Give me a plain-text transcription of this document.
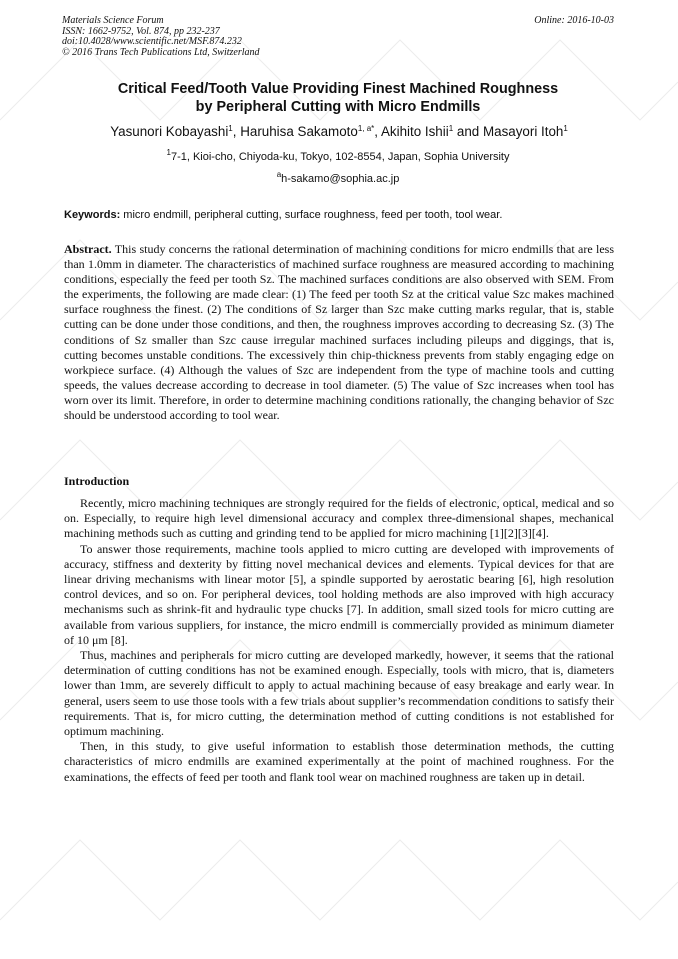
Materials Science Forum
ISSN: 1662-9752, Vol. 874, pp 232-237
doi:10.4028/www.scientific.net/MSF.874.232
© 2016 Trans Tech Publications Ltd, Switzerland
Online: 2016-10-03
Critical Feed/Tooth Value Providing Finest Machined Roughness
by Peripheral Cutting with Micro Endmills
Yasunori Kobayashi$^1$, Haruhisa Sakamoto$^{1, a*}$, Akihito Ishii$^1$ and Masayori Itoh$^1$
$^1$7-1, Kioi-cho, Chiyoda-ku, Tokyo, 102-8554, Japan, Sophia University
$^a$h-sakamo@sophia.ac.jp
Keywords: micro endmill, peripheral cutting, surface roughness, feed per tooth, tool wear.
Abstract. This study concerns the rational determination of machining conditions for micro endmills that are less than 1.0mm in diameter. The characteristics of machined surface roughness are measured according to machining conditions, especially the feed per tooth Sz. The machined surfaces conditions are also observed with SEM. From the experiments, the following are made clear: (1) The feed per tooth Sz at the critical value Szc makes machined surface roughness the finest. (2) The conditions of Sz larger than Szc make cutting marks regular, that is, stable cutting can be done under those conditions, and then, the roughness improves according to decreasing Sz. (3) The conditions of Sz smaller than Szc cause irregular machined surfaces including pileups and diggings, that is, cutting becomes unstable conditions. The excessively thin chip-thickness prevents from stably engaging edge on workpiece surface. (4) Although the values of Szc are independent from the type of machine tools and cutting speeds, the values decrease according to decrease in tool diameter. (5) The value of Szc increases when tool has worn over its limit. Therefore, in order to determine machining conditions rationally, the changing behavior of Szc should be understood according to tool wear.
Introduction

Recently, micro machining techniques are strongly required for the fields of electronic, optical, medical and so on. Especially, to require high level dimensional accuracy and complex three-dimensional shapes, mechanical machining methods such as cutting and grinding tend to be applied for micro machining [1][2][3][4].

To answer those requirements, machine tools applied to micro cutting are developed with improvements of accuracy, stiffness and dexterity by fitting novel mechanical devices and elements. Typical devices for that are linear driving mechanisms with linear motor [5], a spindle supported by aerostatic bearing [6], high resolution control devices, and so on. For peripheral devices, tool holding methods are also improved with high accuracy mechanisms such as shrink-fit and hydraulic type chucks [7]. In addition, small sized tools for micro cutting are available from various suppliers, for instance, the micro endmill is commercially provided as minimum diameter of 10 μm [8].

Thus, machines and peripherals for micro cutting are developed markedly, however, it seems that the rational determination of cutting conditions has not be examined enough. Especially, tools with micro, that is, diameters lower than 1mm, are severely difficult to apply to actual machining because of easy breakage and early wear. In general, users seem to use those tools with a few trials about supplier’s recommendation conditions to satisfy their requirements. That is, for micro cutting, the determination method of cutting conditions is not established for optimum machining.

Then, in this study, to give useful information to establish those determination methods, the cutting characteristics of micro endmills are examined experimentally at the point of machined roughness. For the examinations, the effects of feed per tooth and flank tool wear on machined roughness are taken up in detail.
